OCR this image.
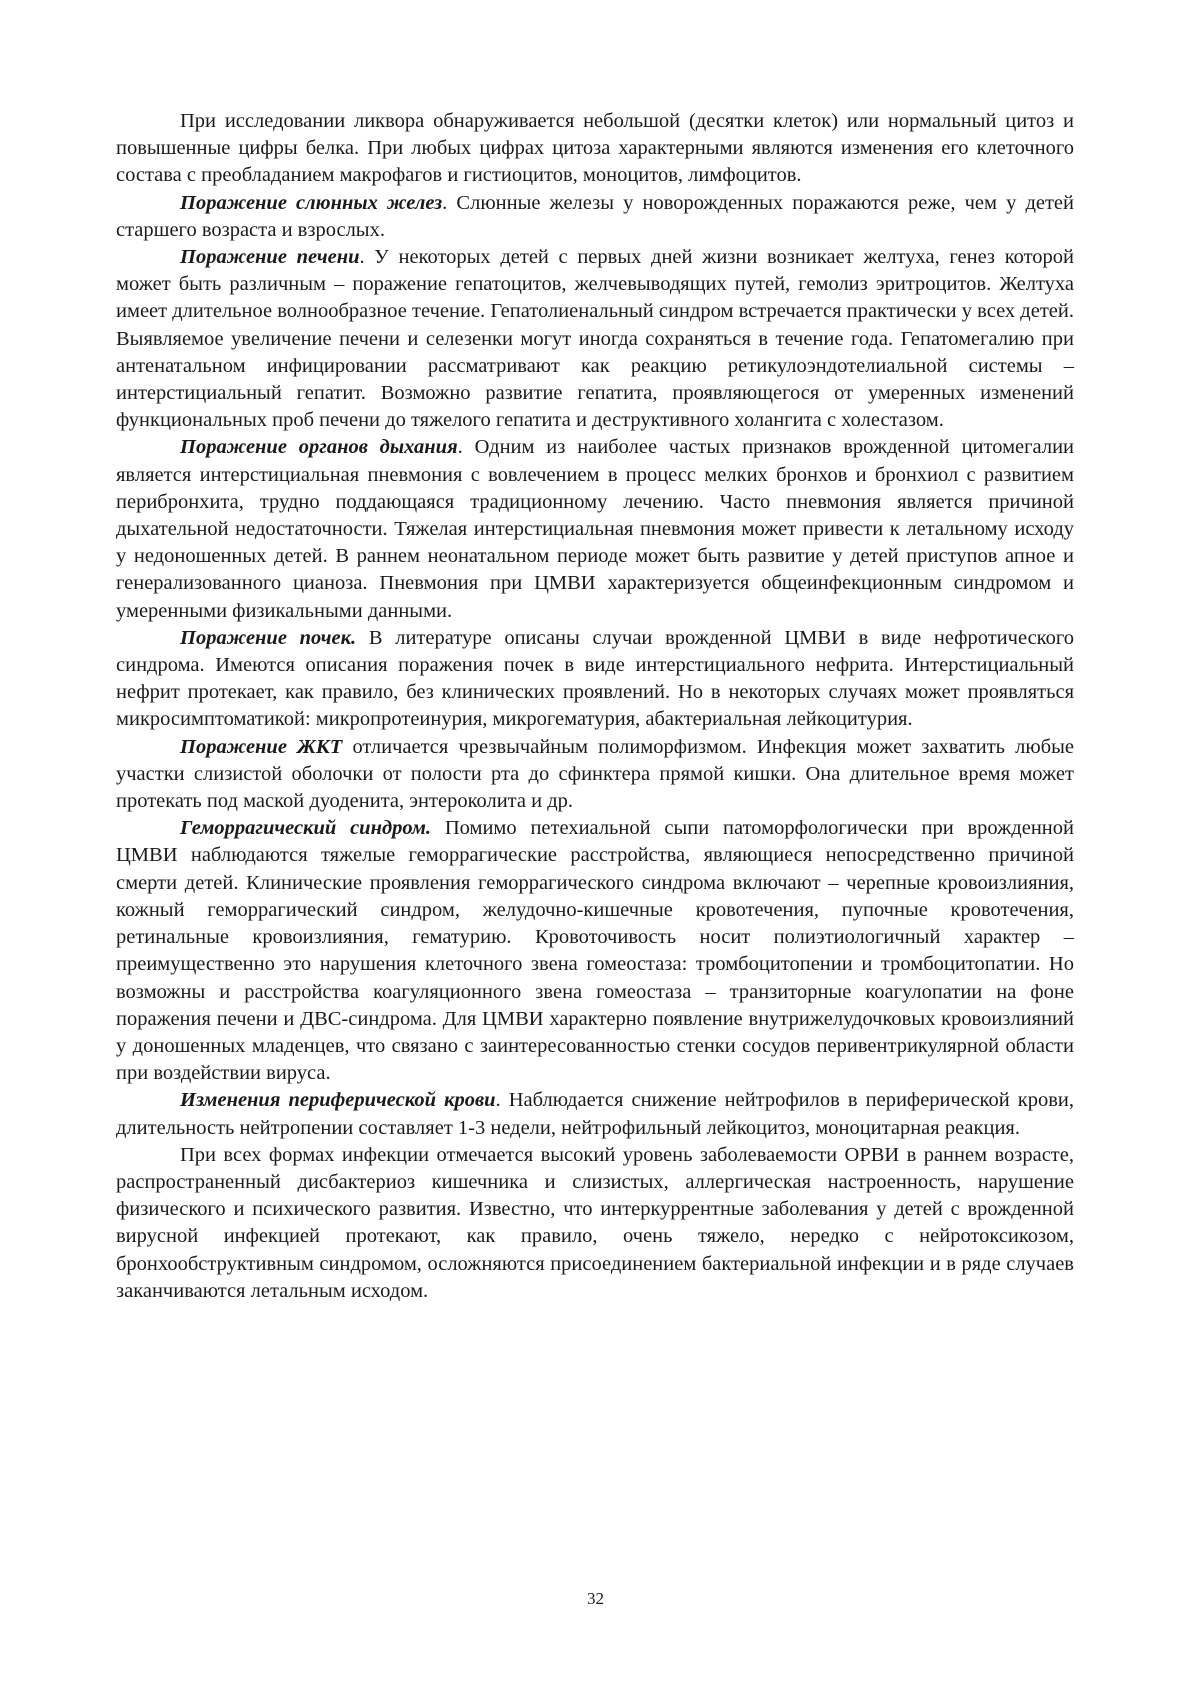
При исследовании ликвора обнаруживается небольшой (десятки клеток) или нормальный цитоз и повышенные цифры белка. При любых цифрах цитоза характерными являются изменения его клеточного состава с преобладанием макрофагов и гистиоцитов, моноцитов, лимфоцитов.

Поражение слюнных желез. Слюнные железы у новорожденных поражаются реже, чем у детей старшего возраста и взрослых.

Поражение печени. У некоторых детей с первых дней жизни возникает желтуха, генез которой может быть различным – поражение гепатоцитов, желчевыводящих путей, гемолиз эритроцитов. Желтуха имеет длительное волнообразное течение. Гепатолиенальный синдром встречается практически у всех детей. Выявляемое увеличение печени и селезенки могут иногда сохраняться в течение года. Гепатомегалию при антенатальном инфицировании рассматривают как реакцию ретикулоэндотелиальной системы – интерстициальный гепатит. Возможно развитие гепатита, проявляющегося от умеренных изменений функциональных проб печени до тяжелого гепатита и деструктивного холангита с холестазом.

Поражение органов дыхания. Одним из наиболее частых признаков врожденной цитомегалии является интерстициальная пневмония с вовлечением в процесс мелких бронхов и бронхиол с развитием перибронхита, трудно поддающаяся традиционному лечению. Часто пневмония является причиной дыхательной недостаточности. Тяжелая интерстициальная пневмония может привести к летальному исходу у недоношенных детей. В раннем неонатальном периоде может быть развитие у детей приступов апное и генерализованного цианоза. Пневмония при ЦМВИ характеризуется общеинфекционным синдромом и умеренными физикальными данными.

Поражение почек. В литературе описаны случаи врожденной ЦМВИ в виде нефротического синдрома. Имеются описания поражения почек в виде интерстициального нефрита. Интерстициальный нефрит протекает, как правило, без клинических проявлений. Но в некоторых случаях может проявляться микросимптоматикой: микропротеинурия, микрогематурия, абактериальная лейкоцитурия.

Поражение ЖКТ отличается чрезвычайным полиморфизмом. Инфекция может захватить любые участки слизистой оболочки от полости рта до сфинктера прямой кишки. Она длительное время может протекать под маской дуоденита, энтероколита и др.

Геморрагический синдром. Помимо петехиальной сыпи патоморфологически при врожденной ЦМВИ наблюдаются тяжелые геморрагические расстройства, являющиеся непосредственно причиной смерти детей. Клинические проявления геморрагического синдрома включают – черепные кровоизлияния, кожный геморрагический синдром, желудочно-кишечные кровотечения, пупочные кровотечения, ретинальные кровоизлияния, гематурию. Кровоточивость носит полиэтиологичный характер – преимущественно это нарушения клеточного звена гомеостаза: тромбоцитопении и тромбоцитопатии. Но возможны и расстройства коагуляционного звена гомеостаза – транзиторные коагулопатии на фоне поражения печени и ДВС-синдрома. Для ЦМВИ характерно появление внутрижелудочковых кровоизлияний у доношенных младенцев, что связано с заинтересованностью стенки сосудов перивентрикулярной области при воздействии вируса.

Изменения периферической крови. Наблюдается снижение нейтрофилов в периферической крови, длительность нейтропении составляет 1-3 недели, нейтрофильный лейкоцитоз, моноцитарная реакция.

При всех формах инфекции отмечается высокий уровень заболеваемости ОРВИ в раннем возрасте, распространенный дисбактериоз кишечника и слизистых, аллергическая настроенность, нарушение физического и психического развития. Известно, что интеркуррентные заболевания у детей с врожденной вирусной инфекцией протекают, как правило, очень тяжело, нередко с нейротоксикозом, бронхообструктивным синдромом, осложняются присоединением бактериальной инфекции и в ряде случаев заканчиваются летальным исходом.

32
